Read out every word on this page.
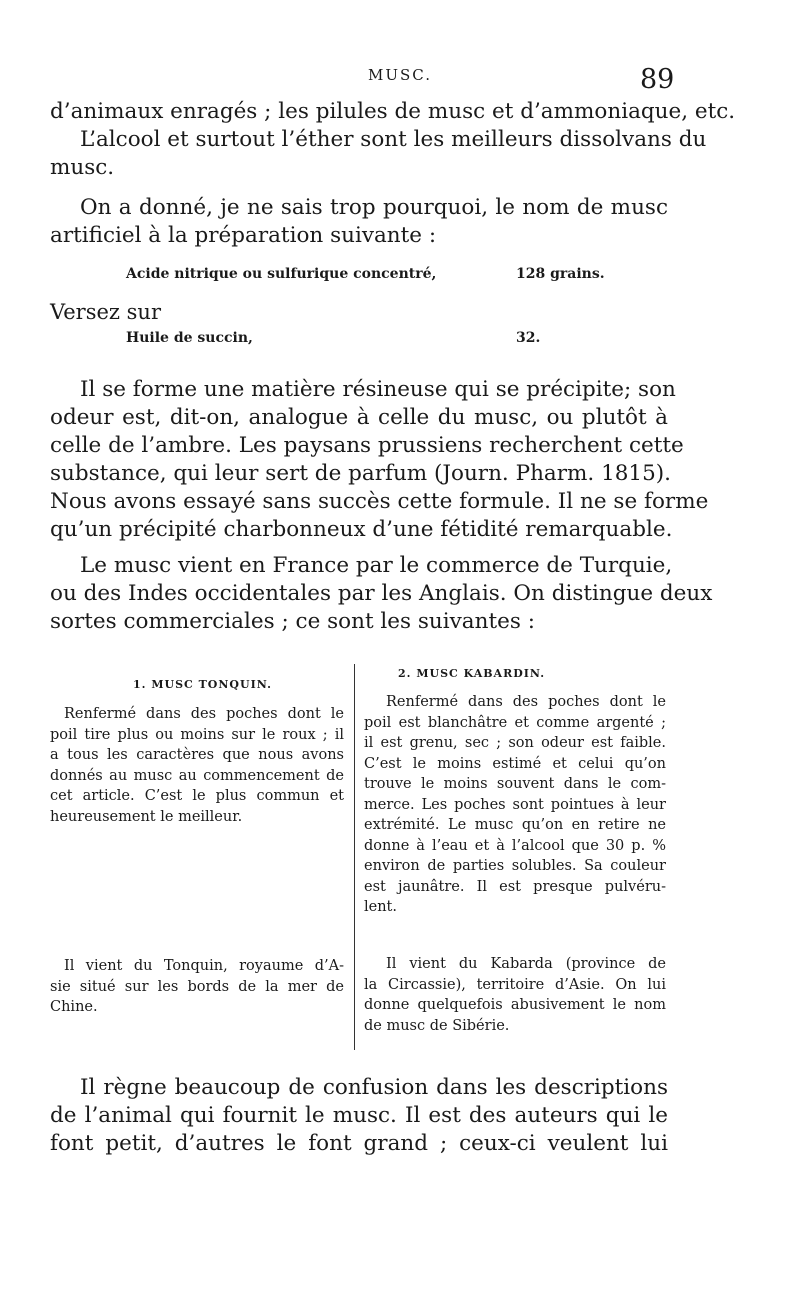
MUSC.	89
d’animaux enragés ; les pilules de musc et d’ammoniaque, etc.
L’alcool et surtout l’éther sont les meilleurs dissolvans du
musc.
On a donné, je ne sais trop pourquoi, le nom de musc
artificiel à la préparation suivante :
Acide nitrique ou sulfurique concentré,	128 grains.
Versez sur
Huile de succin,	32.
Il se forme une matière résineuse qui se précipite; son
odeur est, dit-on, analogue à celle du musc, ou plutôt à
celle de l’ambre. Les paysans prussiens recherchent cette
substance, qui leur sert de parfum (Journ. Pharm. 1815).
Nous avons essayé sans succès cette formule. Il ne se forme
qu’un précipité charbonneux d’une fétidité remarquable.
Le musc vient en France par le commerce de Turquie,
ou des Indes occidentales par les Anglais. On distingue deux
sortes commerciales ; ce sont les suivantes :
1. MUSC TONQUIN.
Renfermé dans des poches dont le
poil tire plus ou moins sur le roux ; il
a tous les caractères que nous avons
donnés au musc au commencement de
cet article. C’est le plus commun et
heureusement le meilleur.
Il vient du Tonquin, royaume d’A-
sie situé sur les bords de la mer de
Chine.
2. MUSC KABARDIN.
Renfermé dans des poches dont le
poil est blanchâtre et comme argenté ;
il est grenu, sec ; son odeur est faible.
C’est le moins estimé et celui qu’on
trouve le moins souvent dans le com-
merce. Les poches sont pointues à leur
extrémité. Le musc qu’on en retire ne
donne à l’eau et à l’alcool que 30 p. %
environ de parties solubles. Sa couleur
est jaunâtre. Il est presque pulvéru-
lent.
Il vient du Kabarda (province de
la Circassie), territoire d’Asie. On lui
donne quelquefois abusivement le nom
de musc de Sibérie.
Il règne beaucoup de confusion dans les descriptions
de l’animal qui fournit le musc. Il est des auteurs qui le
font petit, d’autres le font grand ; ceux-ci veulent lui
